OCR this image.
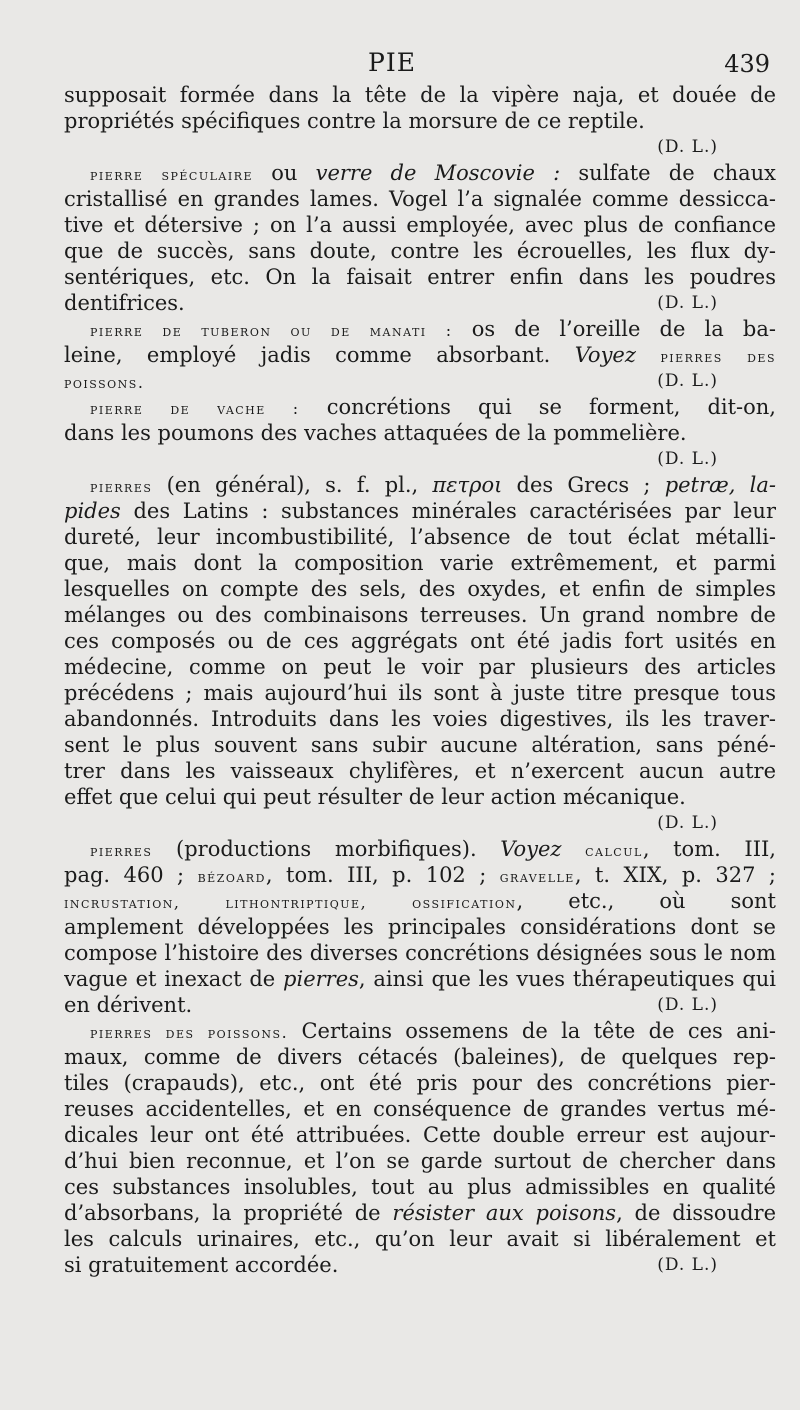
PIE	439
supposait formée dans la tête de la vipère naja, et douée de
propriétés spécifiques contre la morsure de ce reptile.
(D. L.)
pierre spéculaire ou verre de Moscovie : sulfate de chaux
cristallisé en grandes lames. Vogel l’a signalée comme dessicca-
tive et détersive ; on l’a aussi employée, avec plus de confiance
que de succès, sans doute, contre les écrouelles, les flux dy-
sentériques, etc. On la faisait entrer enfin dans les poudres
dentifrices.	(D. L.)
pierre de tuberon ou de manati : os de l’oreille de la ba-
leine, employé jadis comme absorbant. Voyez pierres des
poissons.	(D. L.)
pierre de vache : concrétions qui se forment, dit-on,
dans les poumons des vaches attaquées de la pommelière.
(D. L.)
pierres (en général), s. f. pl., πετροι des Grecs ; petræ, la-
pides des Latins : substances minérales caractérisées par leur
dureté, leur incombustibilité, l’absence de tout éclat métalli-
que, mais dont la composition varie extrêmement, et parmi
lesquelles on compte des sels, des oxydes, et enfin de simples
mélanges ou des combinaisons terreuses. Un grand nombre de
ces composés ou de ces aggrégats ont été jadis fort usités en
médecine, comme on peut le voir par plusieurs des articles
précédens ; mais aujourd’hui ils sont à juste titre presque tous
abandonnés. Introduits dans les voies digestives, ils les traver-
sent le plus souvent sans subir aucune altération, sans péné-
trer dans les vaisseaux chylifères, et n’exercent aucun autre
effet que celui qui peut résulter de leur action mécanique.
(D. L.)
pierres (productions morbifiques). Voyez calcul, tom. III,
pag. 460 ; bézoard, tom. III, p. 102 ; gravelle, t. XIX, p. 327 ;
incrustation, lithontriptique, ossification, etc., où sont
amplement développées les principales considérations dont se
compose l’histoire des diverses concrétions désignées sous le nom
vague et inexact de pierres, ainsi que les vues thérapeutiques qui
en dérivent.	(D. L.)
pierres des poissons. Certains ossemens de la tête de ces ani-
maux, comme de divers cétacés (baleines), de quelques rep-
tiles (crapauds), etc., ont été pris pour des concrétions pier-
reuses accidentelles, et en conséquence de grandes vertus mé-
dicales leur ont été attribuées. Cette double erreur est aujour-
d’hui bien reconnue, et l’on se garde surtout de chercher dans
ces substances insolubles, tout au plus admissibles en qualité
d’absorbans, la propriété de résister aux poisons, de dissoudre
les calculs urinaires, etc., qu’on leur avait si libéralement et
si gratuitement accordée.	(D. L.)
